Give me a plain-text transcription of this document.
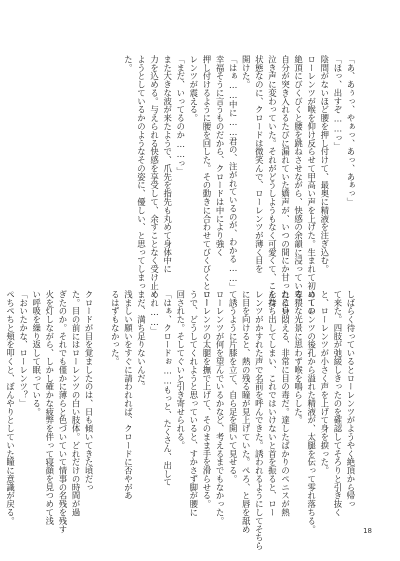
「あ、あぅっ、やぁっ、あっ、あぁっ」
「ほっ、出すぞ……っ」
陰間がないほど腰を押し付けて、最奥に精液を注ぎ込む。
ローレンツが喉を仰け反らせて甲高い声を上げた。生まれて初めての
絶頂にびくびくと腰を跳ねさせながら、快感の余韻に浸っている。
自分が突き入れるたびに漏れていた嬌声が、いつの間にか甘ったるい
泣き声に変わっていた。それがどうしようもなく可愛くて、こんな
状態なのに、クロードは微笑んで、ローレンツが薄く目を
開けた。
「はぁ……中に……君の、注がれているのが、わかる……」
幸福そうに言うものだから、クロードは中により強く
押し付けるように腰を回した。その動きに合わせてびくびくとロー
レンツが震える。
「まだ、いってるのか……っ」
また大きな波が来たようで、爪先を指先も丸めて身体中に
力を込める。与えられる快感を享受して、余すことなく受け止め
ようとしているかのようなその姿に、優しい、と思ってしまっ
た。
しばらく待っているとローレンツがようやく絶頂から帰っ
て来た。四肢が弛緩しきったのを確認してそろりと引き抜く
と、ローレンツが小さく声を上げて身を捩った。
ローレンツの後孔から溢れた精液が、太腿を伝って零れ落ちる。
卑猥な光景に思わず喉を鳴らした。
れに身悶える、非常に目の毒だ。達したばかりのペニスが熱
を持ち出してしまい、これではいけないと首を振ると、ロー
レンツがかすれた声で名前を呼んできた。誘われるようにしてそちら
に目を向けると、熱の残る瞳が見上げていた。ぺろ、と唇を舐め
て誘うように片膝を立て、自ら足を開いて見せる。
ローレンツが何を望んでいるかなど、考えるまでもなかった。
ローレンツの太腿を撫で上げて、そのまま手を滑らせる。
うで、どうしてくれようと思っていると、すかさず脚が腰に
回された。そしてぐいと引き寄せられる。
「はぁ、クロードぉ……もっと、たくさん、出して
くれ……」
まだ、満ち足りないんだ。
浅ましい願いをすぐに請われれば、クロードに否やがあ
るはずもなかった。

クロードが目を覚ましたのは、日も傾いてきた頃だっ
た。目の前にはローレンツの白い肢体。どれだけの時間が過
ぎたのか。それでも僅かに薄らと色づいていて情事の名残を残す
火を灯しながら、しかし確かな疲弊を伴って寝顔を見つめて浅
い呼吸を繰り返して眠っている。
「おいたかな、ローレンツ？」
ぺちぺちと頬を叩くと、ぼんやりとしていた瞳に意識が戻る。
18
